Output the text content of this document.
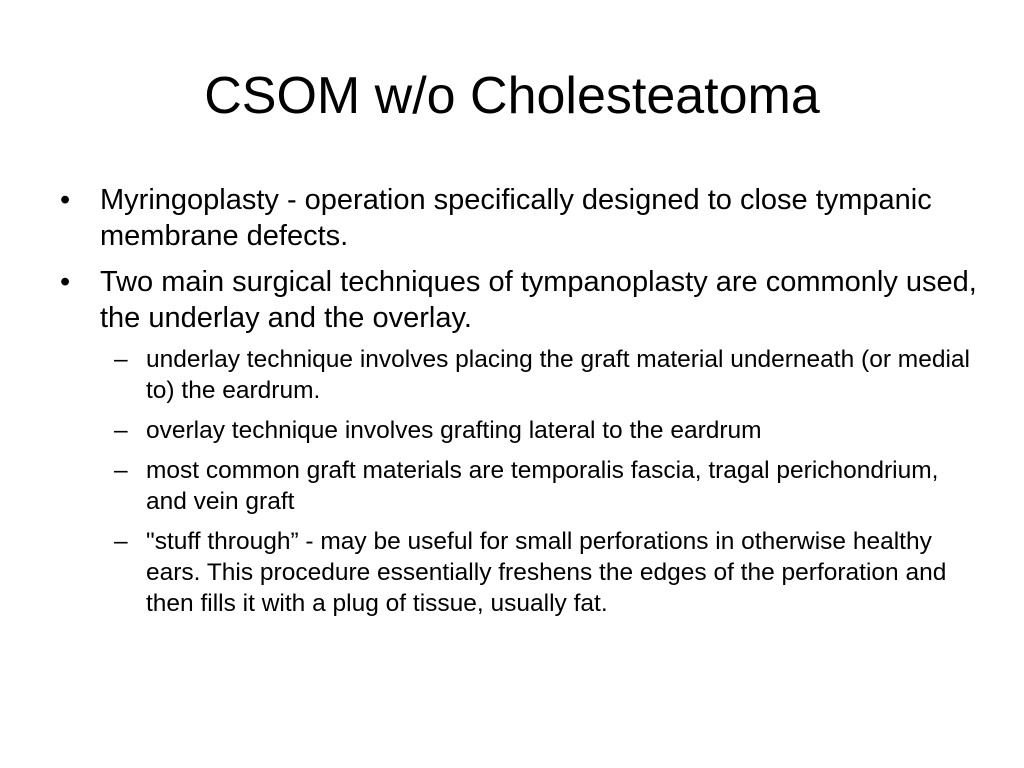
CSOM w/o Cholesteatoma
•	Myringoplasty - operation specifically designed to close tympanic membrane defects.
•	Two main surgical techniques of tympanoplasty are commonly used, the underlay and the overlay.
– underlay technique involves placing the graft material underneath (or medial to) the eardrum.
– overlay technique involves grafting lateral to the eardrum
– most common graft materials are temporalis fascia, tragal perichondrium, and vein graft
– "stuff through” - may be useful for small perforations in otherwise healthy ears. This procedure essentially freshens the edges of the perforation and then fills it with a plug of tissue, usually fat.
